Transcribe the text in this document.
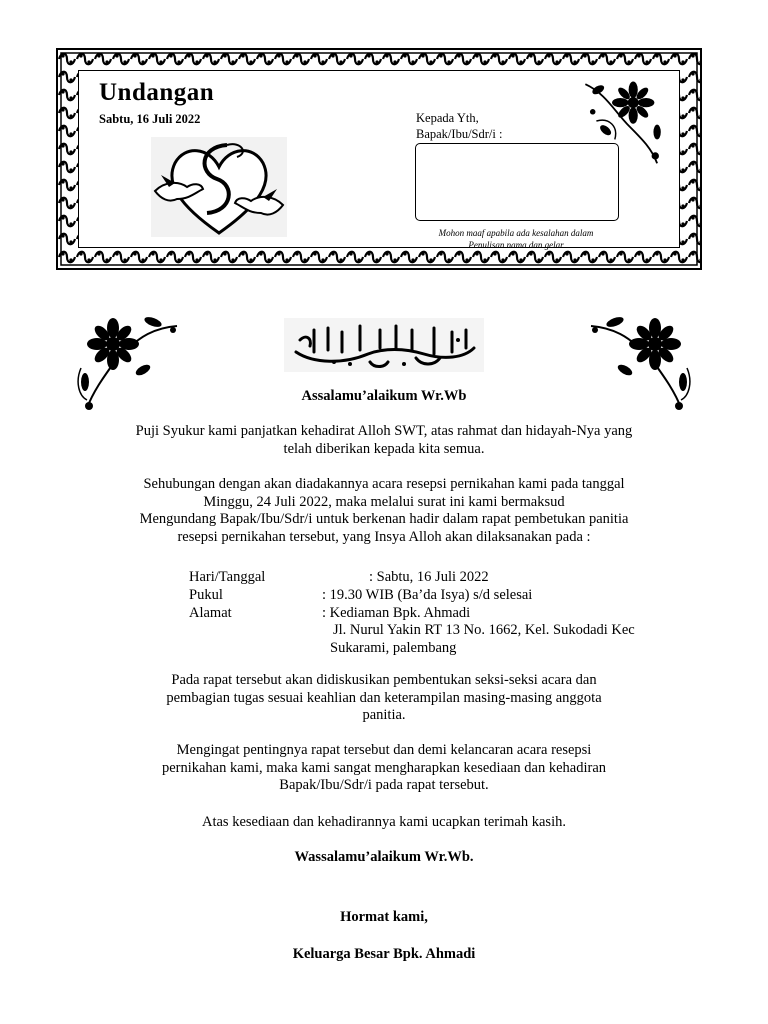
Undangan
Sabtu, 16 Juli 2022	Kepada Yth,
Bapak/Ibu/Sdr/i :
Mohon maaf apabila ada kesalahan dalam
Penulisan nama dan gelar
Assalamu’alaikum Wr.Wb
Puji Syukur kami panjatkan kehadirat Alloh SWT, atas rahmat dan hidayah-Nya yang
telah diberikan kepada kita semua.
Sehubungan dengan akan diadakannya acara resepsi pernikahan kami pada tanggal
Minggu, 24 Juli 2022, maka melalui surat ini kami bermaksud
Mengundang Bapak/Ibu/Sdr/i untuk berkenan hadir dalam rapat pembetukan panitia
resepsi pernikahan tersebut, yang Insya Alloh akan dilaksanakan pada :
Hari/Tanggal	: Sabtu, 16 Juli 2022
Pukul	: 19.30 WIB (Ba’da Isya) s/d selesai
Alamat	: Kediaman Bpk. Ahmadi
Jl. Nurul Yakin RT 13 No. 1662, Kel. Sukodadi Kec
Sukarami, palembang
Pada rapat tersebut akan didiskusikan pembentukan seksi-seksi acara dan
pembagian tugas sesuai keahlian dan keterampilan masing-masing anggota
panitia.
Mengingat pentingnya rapat tersebut dan demi kelancaran acara resepsi
pernikahan kami, maka kami sangat mengharapkan kesediaan dan kehadiran
Bapak/Ibu/Sdr/i pada rapat tersebut.
Atas kesediaan dan kehadirannya kami ucapkan terimah kasih.
Wassalamu’alaikum Wr.Wb.
Hormat kami,
Keluarga Besar Bpk. Ahmadi
